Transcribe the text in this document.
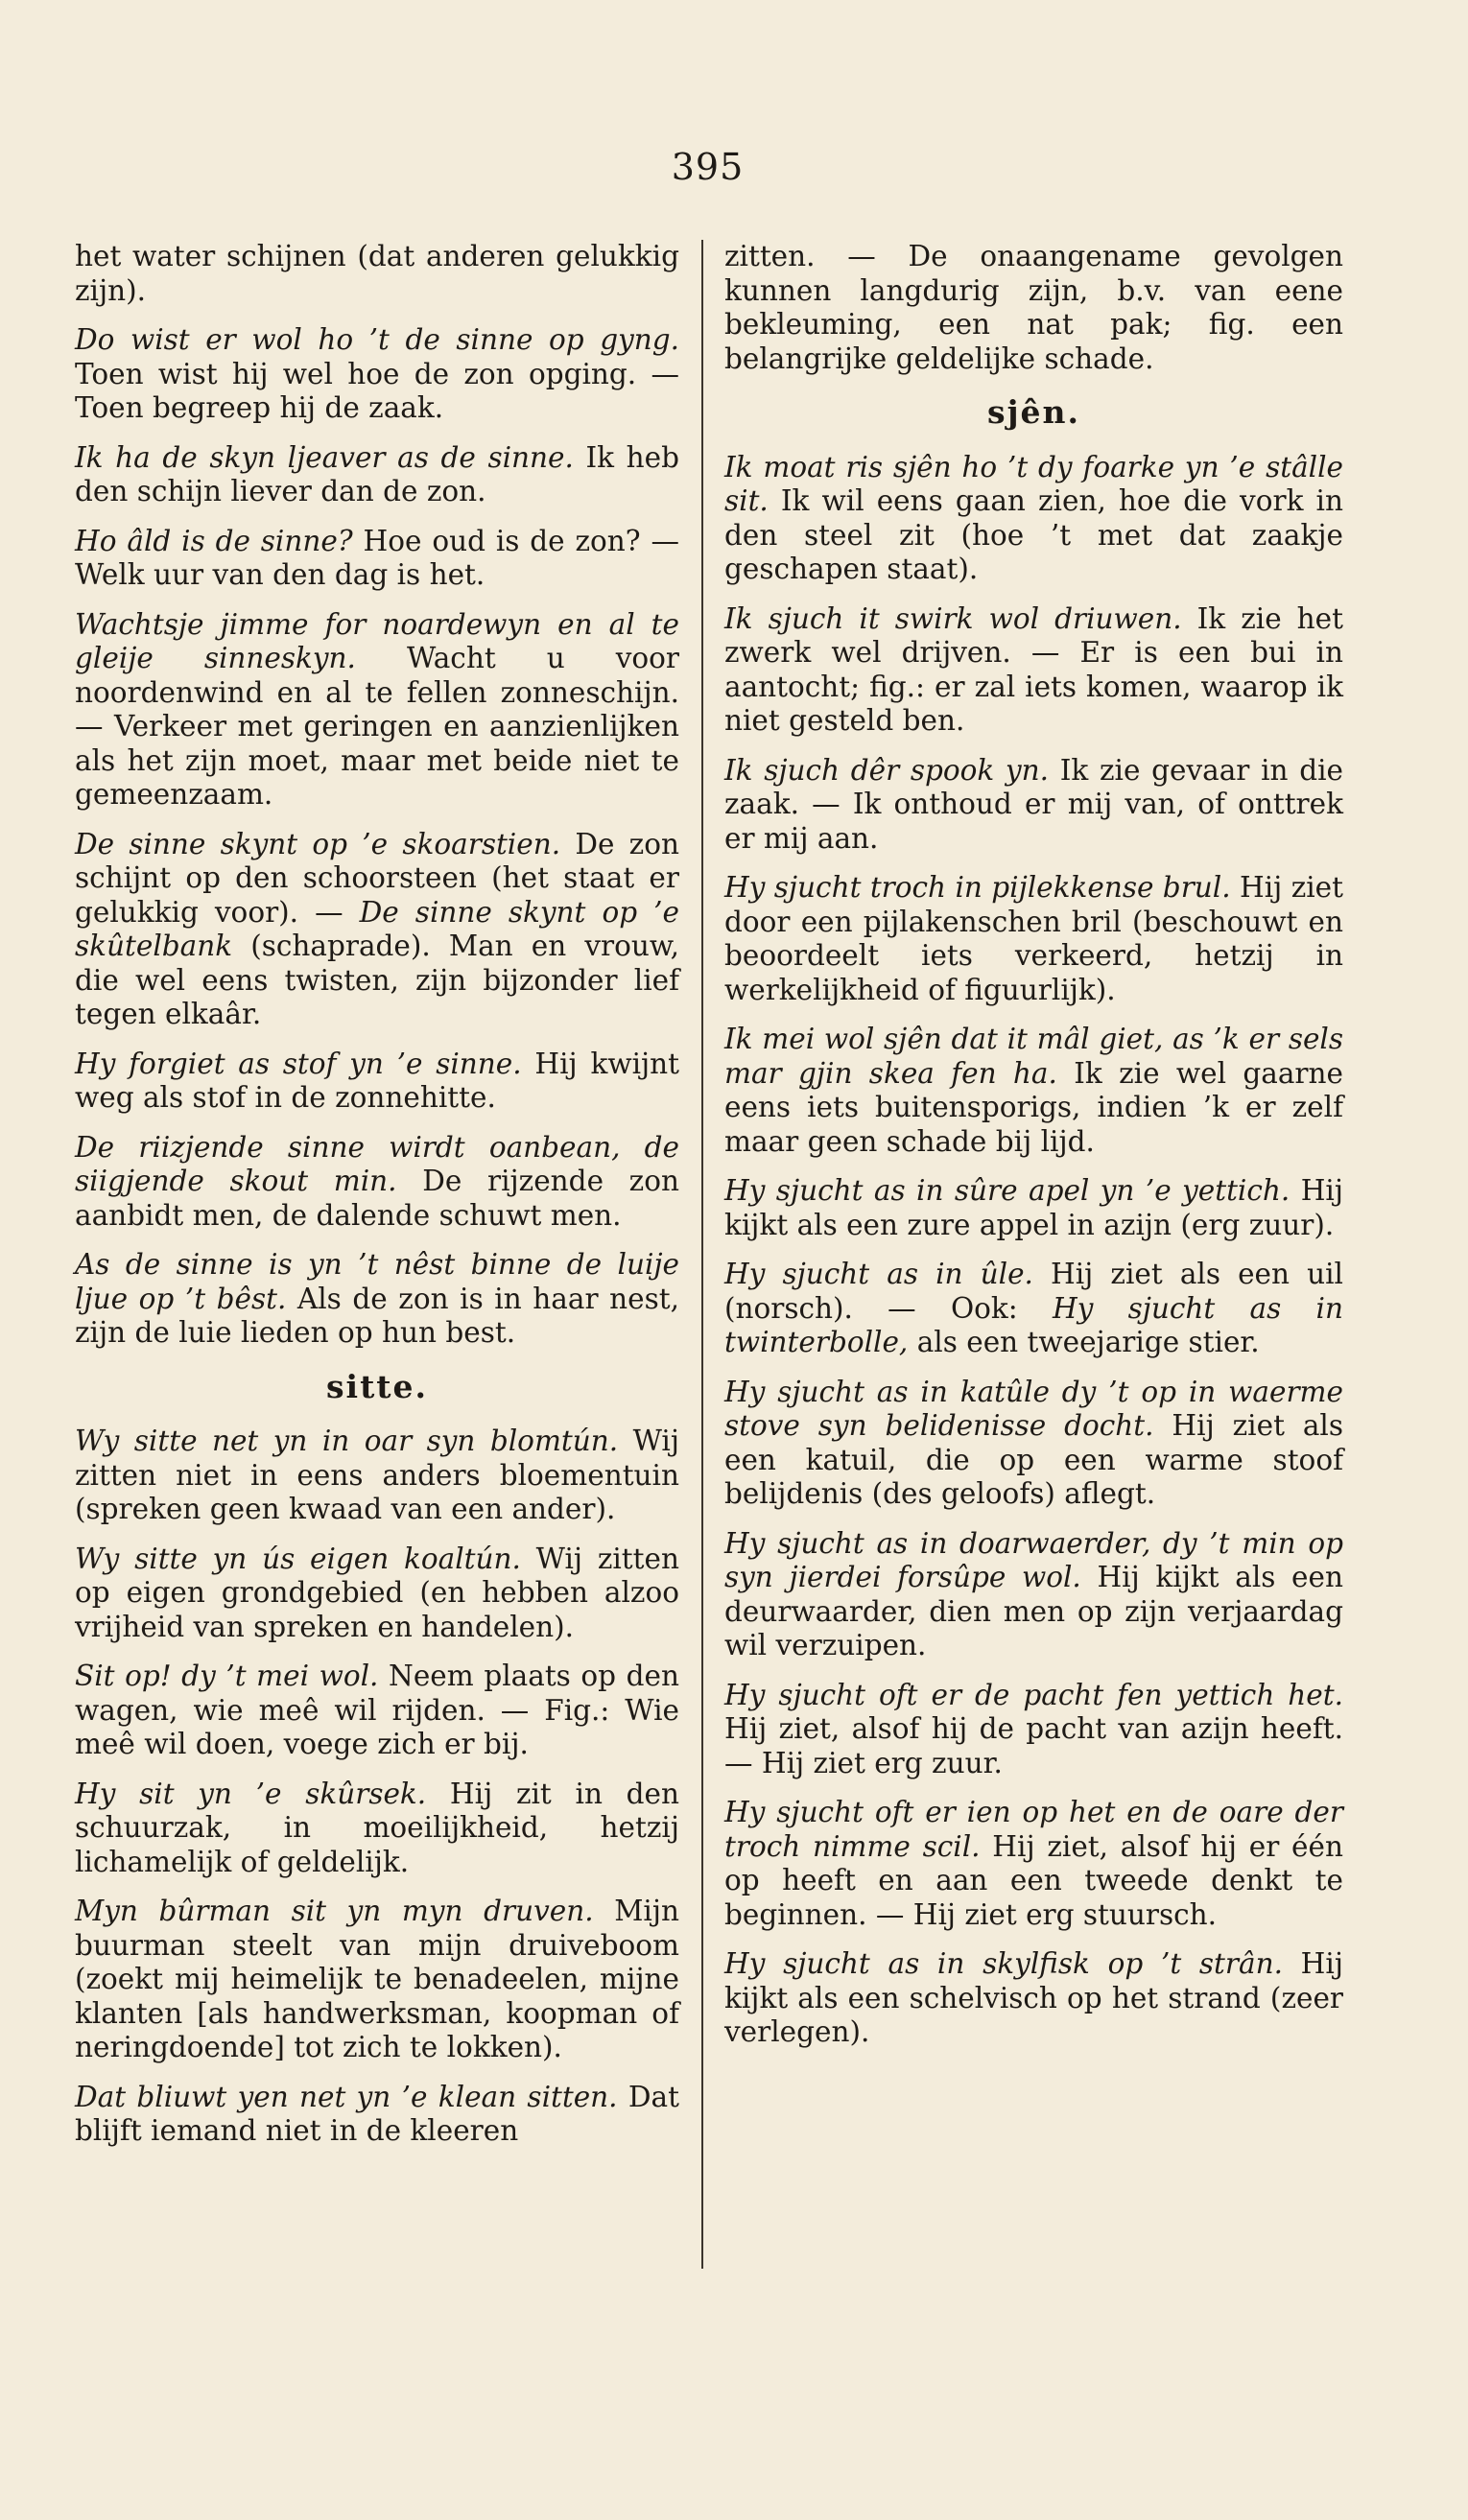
395

het water schijnen (dat anderen gelukkig zijn).

Do wist er wol ho ’t de sinne op gyng. Toen wist hij wel hoe de zon opging. — Toen begreep hij de zaak.

Ik ha de skyn ljeaver as de sinne. Ik heb den schijn liever dan de zon.

Ho âld is de sinne? Hoe oud is de zon? — Welk uur van den dag is het.

Wachtsje jimme for noardewyn en al te gleije sinneskyn. Wacht u voor noordenwind en al te fellen zonneschijn. — Verkeer met geringen en aanzienlijken als het zijn moet, maar met beide niet te gemeenzaam.

De sinne skynt op ’e skoarstien. De zon schijnt op den schoorsteen (het staat er gelukkig voor). — De sinne skynt op ’e skûtelbank (schaprade). Man en vrouw, die wel eens twisten, zijn bijzonder lief tegen elkaâr.

Hy forgiet as stof yn ’e sinne. Hij kwijnt weg als stof in de zonnehitte.

De riizjende sinne wirdt oanbean, de siigjende skout min. De rijzende zon aanbidt men, de dalende schuwt men.

As de sinne is yn ’t nêst binne de luije ljue op ’t bêst. Als de zon is in haar nest, zijn de luie lieden op hun best.

sitte.

Wy sitte net yn in oar syn blomtún. Wij zitten niet in eens anders bloementuin (spreken geen kwaad van een ander).

Wy sitte yn ús eigen koaltún. Wij zitten op eigen grondgebied (en hebben alzoo vrijheid van spreken en handelen).

Sit op! dy ’t mei wol. Neem plaats op den wagen, wie meê wil rijden. — Fig.: Wie meê wil doen, voege zich er bij.

Hy sit yn ’e skûrsek. Hij zit in den schuurzak, in moeilijkheid, hetzij lichamelijk of geldelijk.

Myn bûrman sit yn myn druven. Mijn buurman steelt van mijn druiveboom (zoekt mij heimelijk te benadeelen, mijne klanten [als handwerksman, koopman of neringdoende] tot zich te lokken).

Dat bliuwt yen net yn ’e klean sitten. Dat blijft iemand niet in de kleeren

zitten. — De onaangename gevolgen kunnen langdurig zijn, b.v. van eene bekleuming, een nat pak; fig. een belangrijke geldelijke schade.

sjên.

Ik moat ris sjên ho ’t dy foarke yn ’e stâlle sit. Ik wil eens gaan zien, hoe die vork in den steel zit (hoe ’t met dat zaakje geschapen staat).

Ik sjuch it swirk wol driuwen. Ik zie het zwerk wel drijven. — Er is een bui in aantocht; fig.: er zal iets komen, waarop ik niet gesteld ben.

Ik sjuch dêr spook yn. Ik zie gevaar in die zaak. — Ik onthoud er mij van, of onttrek er mij aan.

Hy sjucht troch in pijlekkense brul. Hij ziet door een pijlakenschen bril (beschouwt en beoordeelt iets verkeerd, hetzij in werkelijkheid of figuurlijk).

Ik mei wol sjên dat it mâl giet, as ’k er sels mar gjin skea fen ha. Ik zie wel gaarne eens iets buitensporigs, indien ’k er zelf maar geen schade bij lijd.

Hy sjucht as in sûre apel yn ’e yettich. Hij kijkt als een zure appel in azijn (erg zuur).

Hy sjucht as in ûle. Hij ziet als een uil (norsch). — Ook: Hy sjucht as in twinterbolle, als een tweejarige stier.

Hy sjucht as in katûle dy ’t op in waerme stove syn belidenisse docht. Hij ziet als een katuil, die op een warme stoof belijdenis (des geloofs) aflegt.

Hy sjucht as in doarwaerder, dy ’t min op syn jierdei forsûpe wol. Hij kijkt als een deurwaarder, dien men op zijn verjaardag wil verzuipen.

Hy sjucht oft er de pacht fen yettich het. Hij ziet, alsof hij de pacht van azijn heeft. — Hij ziet erg zuur.

Hy sjucht oft er ien op het en de oare der troch nimme scil. Hij ziet, alsof hij er één op heeft en aan een tweede denkt te beginnen. — Hij ziet erg stuursch.

Hy sjucht as in skylfisk op ’t strân. Hij kijkt als een schelvisch op het strand (zeer verlegen).
